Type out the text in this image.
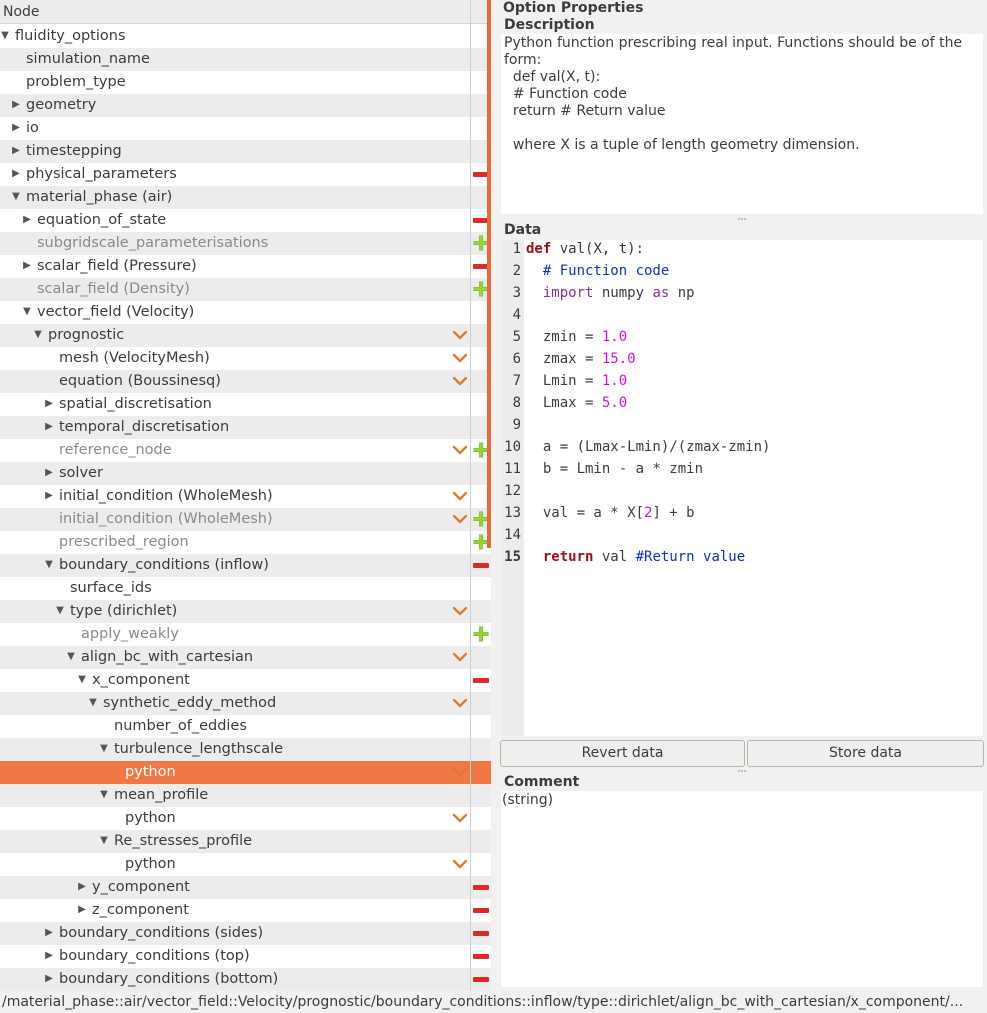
Node
▼ fluidity_options
simulation_name
problem_type
▶ geometry
▶ io
▶ timestepping
▶ physical_parameters
▼ material_phase (air)
▶ equation_of_state
subgridscale_parameterisations
▶ scalar_field (Pressure)
scalar_field (Density)
▼ vector_field (Velocity)
▼ prognostic
mesh (VelocityMesh)
equation (Boussinesq)
▶ spatial_discretisation
▶ temporal_discretisation
reference_node
▶ solver
▶ initial_condition (WholeMesh)
initial_condition (WholeMesh)
prescribed_region
▼ boundary_conditions (inflow)
surface_ids
▼ type (dirichlet)
apply_weakly
▼ align_bc_with_cartesian
▼ x_component
▼ synthetic_eddy_method
number_of_eddies
▼ turbulence_lengthscale
python
▼ mean_profile
python
▼ Re_stresses_profile
python
▶ y_component
▶ z_component
▶ boundary_conditions (sides)
▶ boundary_conditions (top)
▶ boundary_conditions (bottom)
Option Properties
Description
Python function prescribing real input. Functions should be of the
form:
def val(X, t):
# Function code
return # Return value
where X is a tuple of length geometry dimension.
Data
1
2
3
4
5
6
7
8
9
10
11
12
13
14
15
def val(X, t):
# Function code
import numpy as np
zmin = 1.0
zmax = 15.0
Lmin = 1.0
Lmax = 5.0
a = (Lmax-Lmin)/(zmax-zmin)
b = Lmin - a * zmin
val = a * X[2] + b
return val #Return value
Revert data	Store data
Comment
(string)
/material_phase::air/vector_field::Velocity/prognostic/boundary_conditions::inflow/type::dirichlet/align_bc_with_cartesian/x_component/...
